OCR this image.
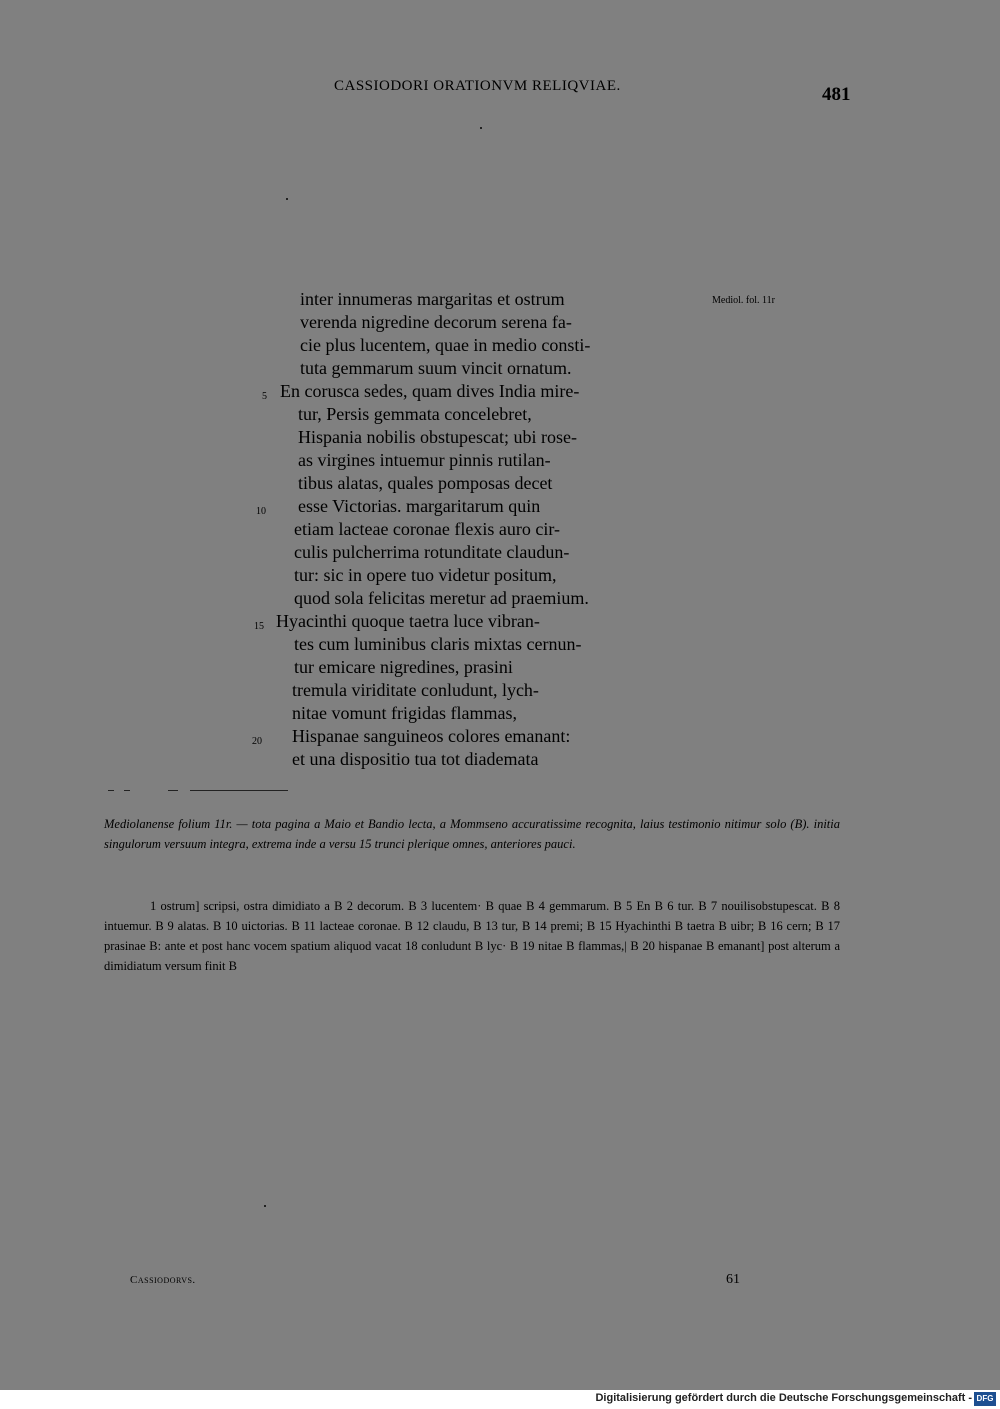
CASSIODORI ORATIONVM RELIQVIAE.	481
Mediol. fol. 11r
inter innumeras margaritas et ostrum
verenda nigredine decorum serena fa-
cie plus lucentem, quae in medio consti-
tuta gemmarum suum vincit ornatum.
5 En corusca sedes, quam dives India mire-
tur, Persis gemmata concelebret,
Hispania nobilis obstupescat; ubi rose-
as virgines intuemur pinnis rutilan-
tibus alatas, quales pomposas decet
10 esse Victorias. margaritarum quin
etiam lacteae coronae flexis auro cir-
culis pulcherrima rotunditate claudun-
tur: sic in opere tuo videtur positum,
quod sola felicitas meretur ad praemium.
15 Hyacinthi quoque taetra luce vibran-
tes cum luminibus claris mixtas cernun-
tur emicare nigredines, prasini
tremula viriditate conludunt, lych-
nitae vomunt frigidas flammas,
20 Hispanae sanguineos colores emanant:
et una dispositio tua tot diademata
Mediolanense folium 11r. — tota pagina a Maio et Bandio lecta, a Mommseno accuratissime recognita, laius testimonio nitimur solo (B). initia singulorum versuum integra, extrema inde a versu 15 trunci plerique omnes, anteriores pauci.
1 ostrum] scripsi, ostra dimidiato a B 2 decorum. B 3 lucentem· B quae B 4 gemmarum. B 5 En B 6 tur. B 7 nouilisobstupescat. B 8 intuemur. B 9 alatas. B 10 uictorias. B 11 lacteae coronae. B 12 claudu, B 13 tur, B 14 premi; B 15 Hyachinthi B taetra B uibr; B 16 cern; B 17 prasinae B: ante et post hanc vocem spatium aliquod vacat 18 conludunt B lyc· B 19 nitae B flammas,| B 20 hispanae B emanant] post alterum a dimidiatum versum finit B
Cassiodorvs.	61
Digitalisierung gefördert durch die Deutsche Forschungsgemeinschaft - DFG
